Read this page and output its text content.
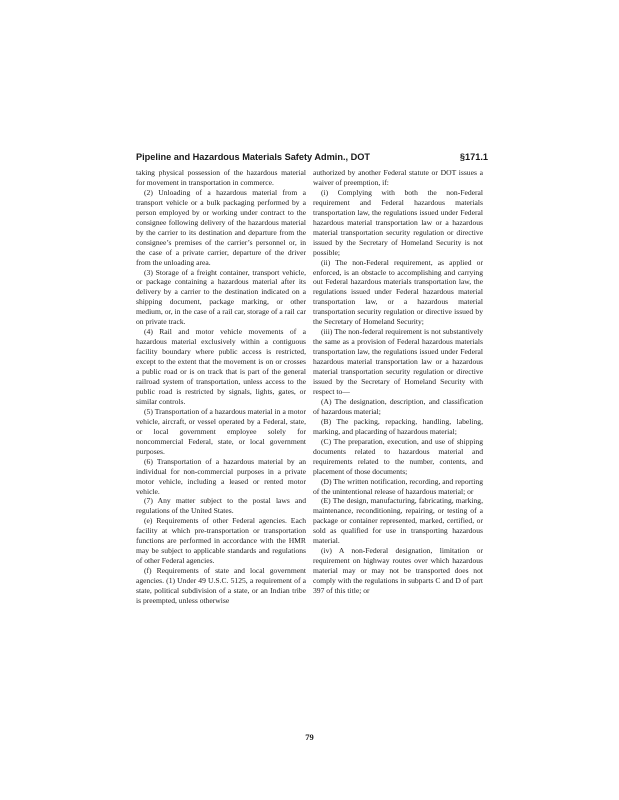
Pipeline and Hazardous Materials Safety Admin., DOT	§171.1

taking physical possession of the hazardous material for movement in transportation in commerce.

(2) Unloading of a hazardous material from a transport vehicle or a bulk packaging performed by a person employed by or working under contract to the consignee following delivery of the hazardous material by the carrier to its destination and departure from the consignee’s premises of the carrier’s personnel or, in the case of a private carrier, departure of the driver from the unloading area.

(3) Storage of a freight container, transport vehicle, or package containing a hazardous material after its delivery by a carrier to the destination indicated on a shipping document, package marking, or other medium, or, in the case of a rail car, storage of a rail car on private track.

(4) Rail and motor vehicle movements of a hazardous material exclusively within a contiguous facility boundary where public access is restricted, except to the extent that the movement is on or crosses a public road or is on track that is part of the general railroad system of transportation, unless access to the public road is restricted by signals, lights, gates, or similar controls.

(5) Transportation of a hazardous material in a motor vehicle, aircraft, or vessel operated by a Federal, state, or local government employee solely for noncommercial Federal, state, or local government purposes.

(6) Transportation of a hazardous material by an individual for non-commercial purposes in a private motor vehicle, including a leased or rented motor vehicle.

(7) Any matter subject to the postal laws and regulations of the United States.

(e) Requirements of other Federal agencies. Each facility at which pre-transportation or transportation functions are performed in accordance with the HMR may be subject to applicable standards and regulations of other Federal agencies.

(f) Requirements of state and local government agencies. (1) Under 49 U.S.C. 5125, a requirement of a state, political subdivision of a state, or an Indian tribe is preempted, unless otherwise

authorized by another Federal statute or DOT issues a waiver of preemption, if:

(i) Complying with both the non-Federal requirement and Federal hazardous materials transportation law, the regulations issued under Federal hazardous material transportation law or a hazardous material transportation security regulation or directive issued by the Secretary of Homeland Security is not possible;

(ii) The non-Federal requirement, as applied or enforced, is an obstacle to accomplishing and carrying out Federal hazardous materials transportation law, the regulations issued under Federal hazardous material transportation law, or a hazardous material transportation security regulation or directive issued by the Secretary of Homeland Security;

(iii) The non-federal requirement is not substantively the same as a provision of Federal hazardous materials transportation law, the regulations issued under Federal hazardous material transportation law or a hazardous material transportation security regulation or directive issued by the Secretary of Homeland Security with respect to—

(A) The designation, description, and classification of hazardous material;

(B) The packing, repacking, handling, labeling, marking, and placarding of hazardous material;

(C) The preparation, execution, and use of shipping documents related to hazardous material and requirements related to the number, contents, and placement of those documents;

(D) The written notification, recording, and reporting of the unintentional release of hazardous material; or

(E) The design, manufacturing, fabricating, marking, maintenance, reconditioning, repairing, or testing of a package or container represented, marked, certified, or sold as qualified for use in transporting hazardous material.

(iv) A non-Federal designation, limitation or requirement on highway routes over which hazardous material may or may not be transported does not comply with the regulations in subparts C and D of part 397 of this title; or

79
